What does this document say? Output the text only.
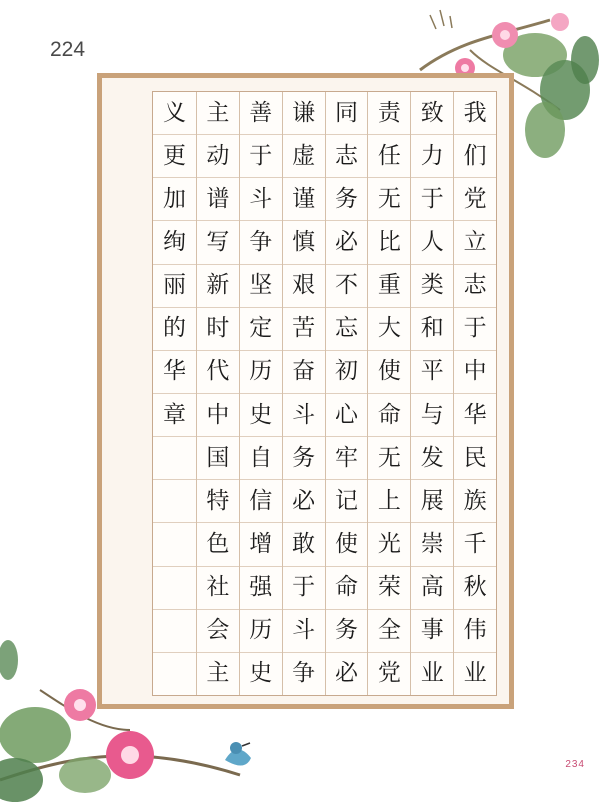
224
我
们
党
立
志
于
中
华
民
族
千
秋
伟
业
致
力
于
人
类
和
平
与
发
展
崇
高
事
业
责
任
无
比
重
大
使
命
无
上
光
荣
全
党
同
志
务
必
不
忘
初
心
牢
记
使
命
务
必
谦
虚
谨
慎
艰
苦
奋
斗
务
必
敢
于
斗
争
善
于
斗
争
坚
定
历
史
自
信
增
强
历
史
主
动
谱
写
新
时
代
中
国
特
色
社
会
主
义
更
加
绚
丽
的
华
章
234
